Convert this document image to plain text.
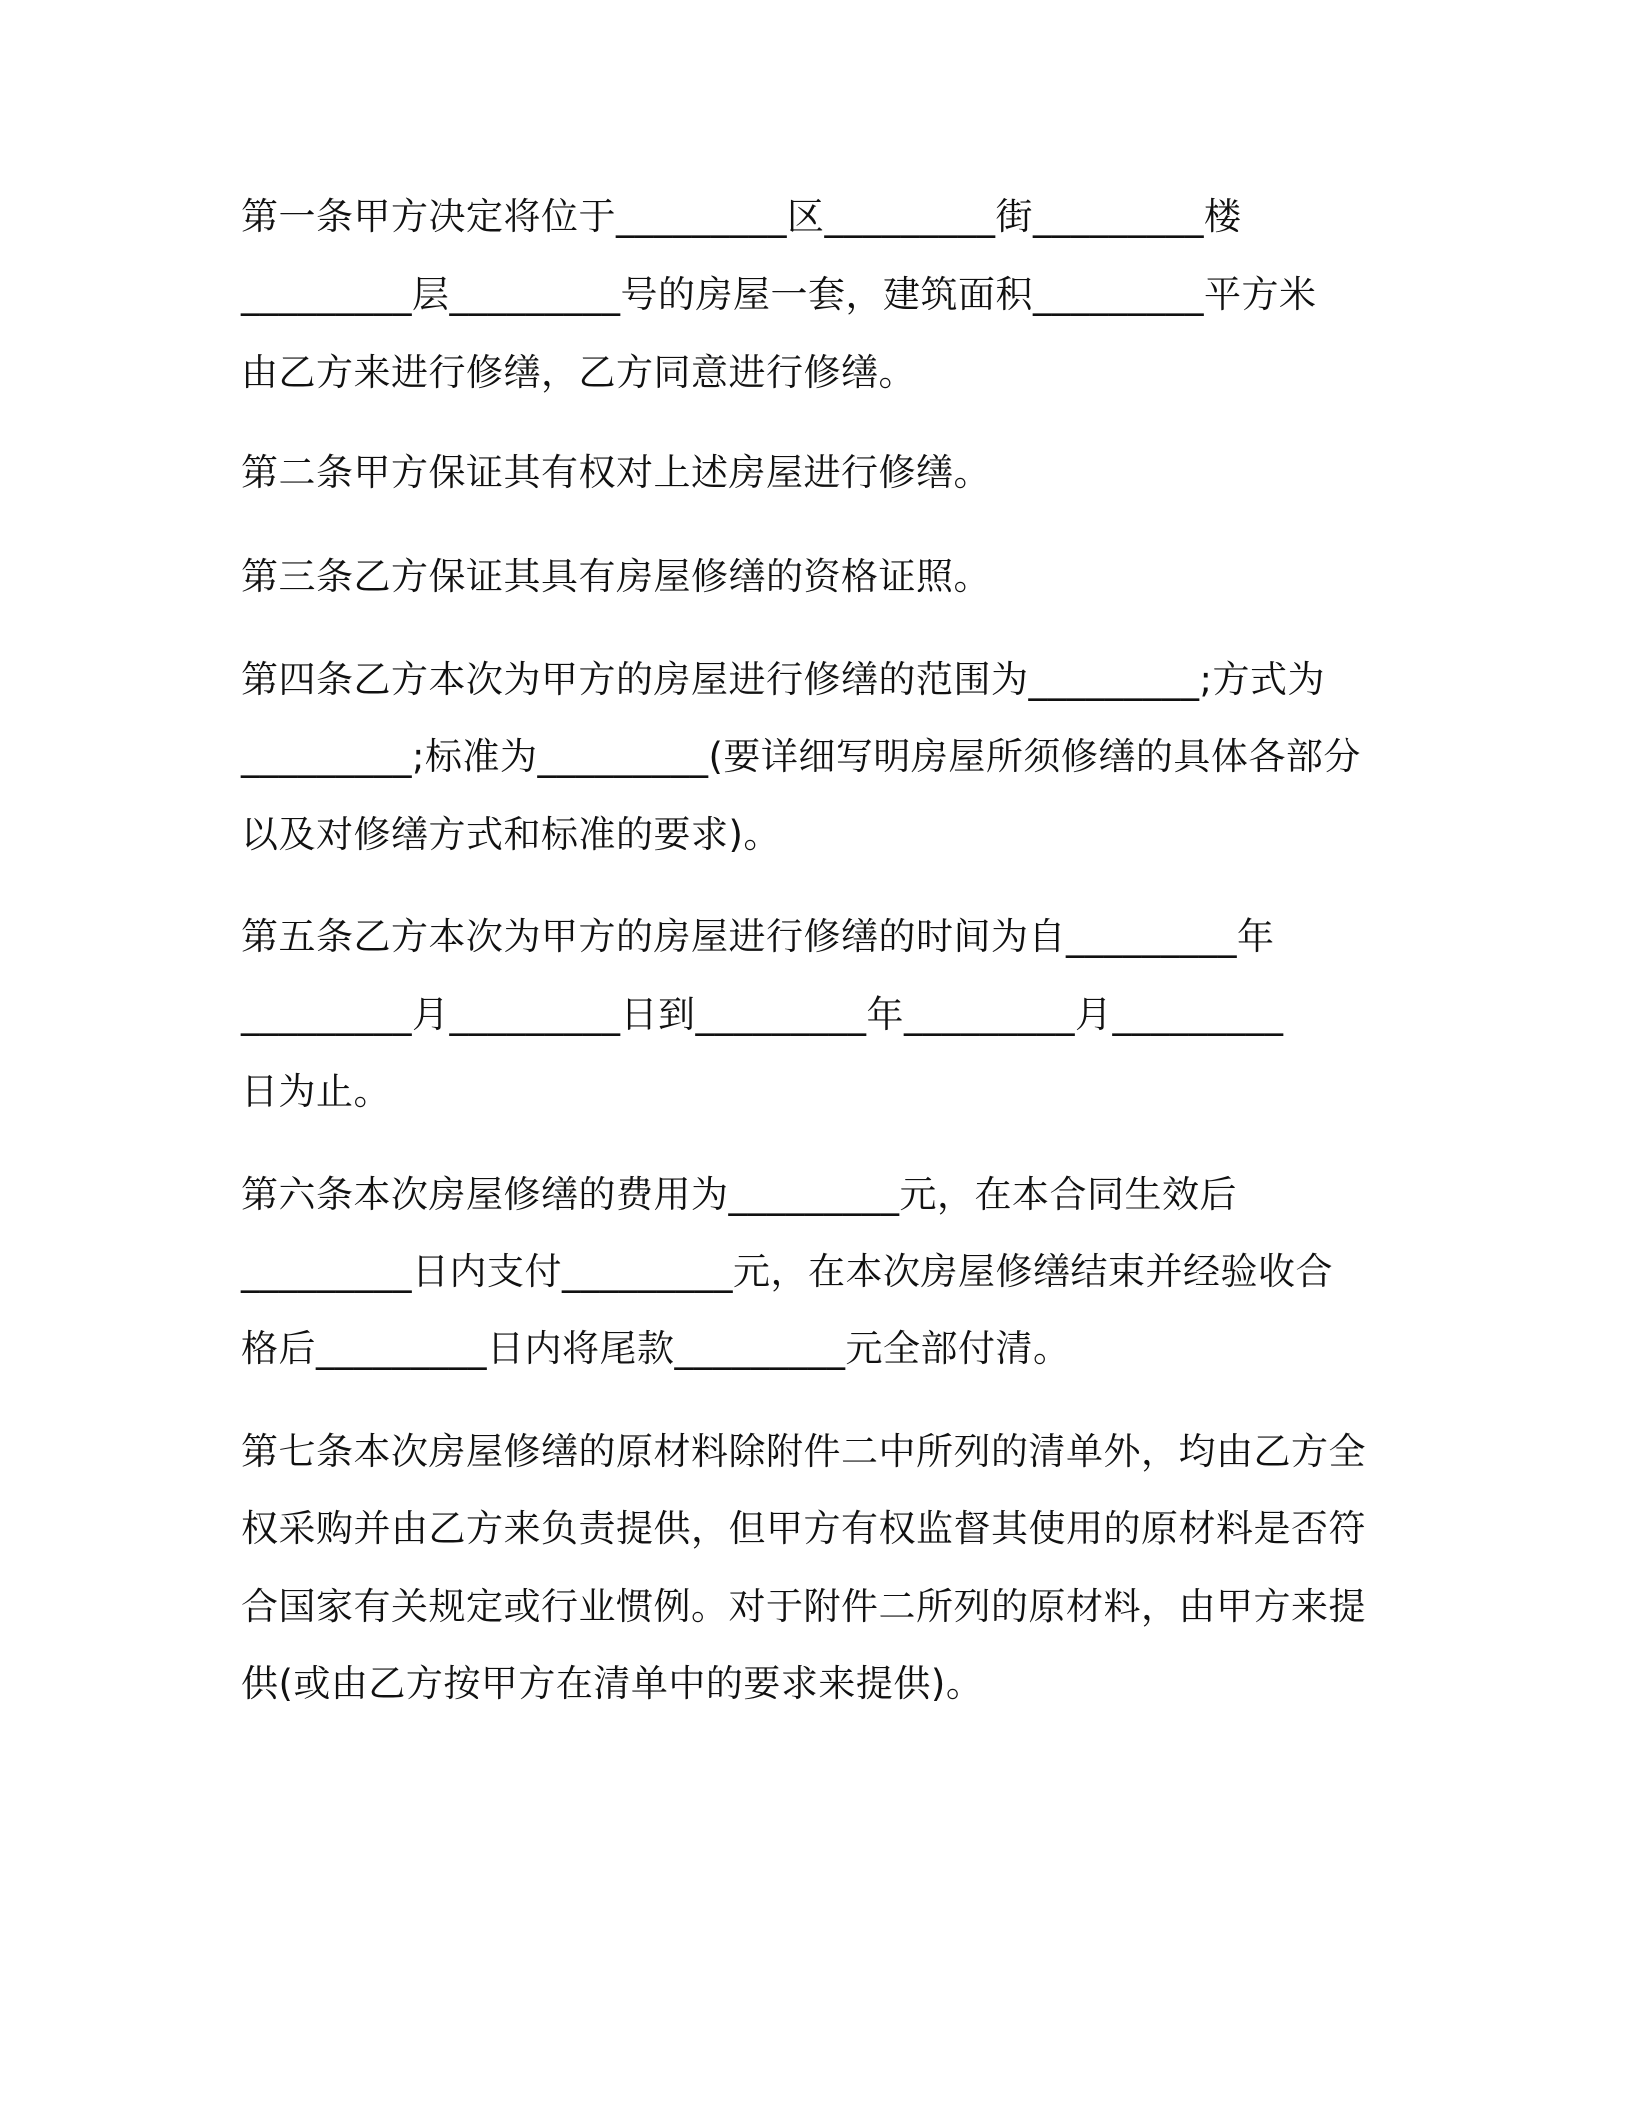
第一条甲方决定将位于_________区_________街_________楼
_________层_________号的房屋一套，建筑面积_________平方米
由乙方来进行修缮，乙方同意进行修缮。
第二条甲方保证其有权对上述房屋进行修缮。
第三条乙方保证其具有房屋修缮的资格证照。
第四条乙方本次为甲方的房屋进行修缮的范围为_________;方式为
_________;标准为_________(要详细写明房屋所须修缮的具体各部分
以及对修缮方式和标准的要求)。
第五条乙方本次为甲方的房屋进行修缮的时间为自_________年
_________月_________日到_________年_________月_________
日为止。
第六条本次房屋修缮的费用为_________元，在本合同生效后
_________日内支付_________元，在本次房屋修缮结束并经验收合
格后_________日内将尾款_________元全部付清。
第七条本次房屋修缮的原材料除附件二中所列的清单外，均由乙方全
权采购并由乙方来负责提供，但甲方有权监督其使用的原材料是否符
合国家有关规定或行业惯例。对于附件二所列的原材料，由甲方来提
供(或由乙方按甲方在清单中的要求来提供)。
